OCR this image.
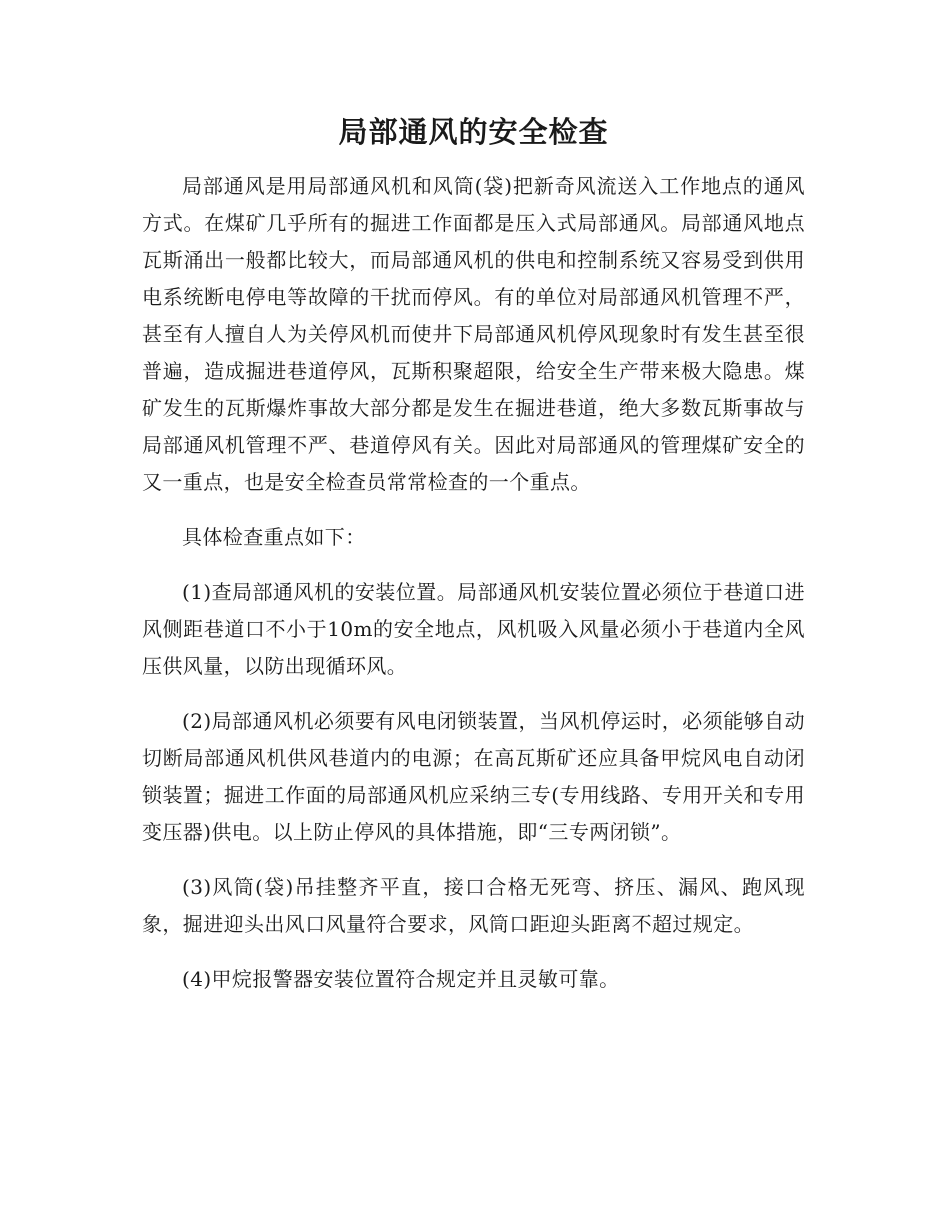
局部通风的安全检查

局部通风是用局部通风机和风筒(袋)把新奇风流送入工作地点的通风方式。在煤矿几乎所有的掘进工作面都是压入式局部通风。局部通风地点瓦斯涌出一般都比较大，而局部通风机的供电和控制系统又容易受到供用电系统断电停电等故障的干扰而停风。有的单位对局部通风机管理不严，甚至有人擅自人为关停风机而使井下局部通风机停风现象时有发生甚至很普遍，造成掘进巷道停风，瓦斯积聚超限，给安全生产带来极大隐患。煤矿发生的瓦斯爆炸事故大部分都是发生在掘进巷道，绝大多数瓦斯事故与局部通风机管理不严、巷道停风有关。因此对局部通风的管理煤矿安全的又一重点，也是安全检查员常常检查的一个重点。

具体检查重点如下：

(1)查局部通风机的安装位置。局部通风机安装位置必须位于巷道口进风侧距巷道口不小于10m的安全地点，风机吸入风量必须小于巷道内全风压供风量，以防出现循环风。

(2)局部通风机必须要有风电闭锁装置，当风机停运时，必须能够自动切断局部通风机供风巷道内的电源；在高瓦斯矿还应具备甲烷风电自动闭锁装置；掘进工作面的局部通风机应采纳三专(专用线路、专用开关和专用变压器)供电。以上防止停风的具体措施，即“三专两闭锁”。

(3)风筒(袋)吊挂整齐平直，接口合格无死弯、挤压、漏风、跑风现象，掘进迎头出风口风量符合要求，风筒口距迎头距离不超过规定。

(4)甲烷报警器安装位置符合规定并且灵敏可靠。
